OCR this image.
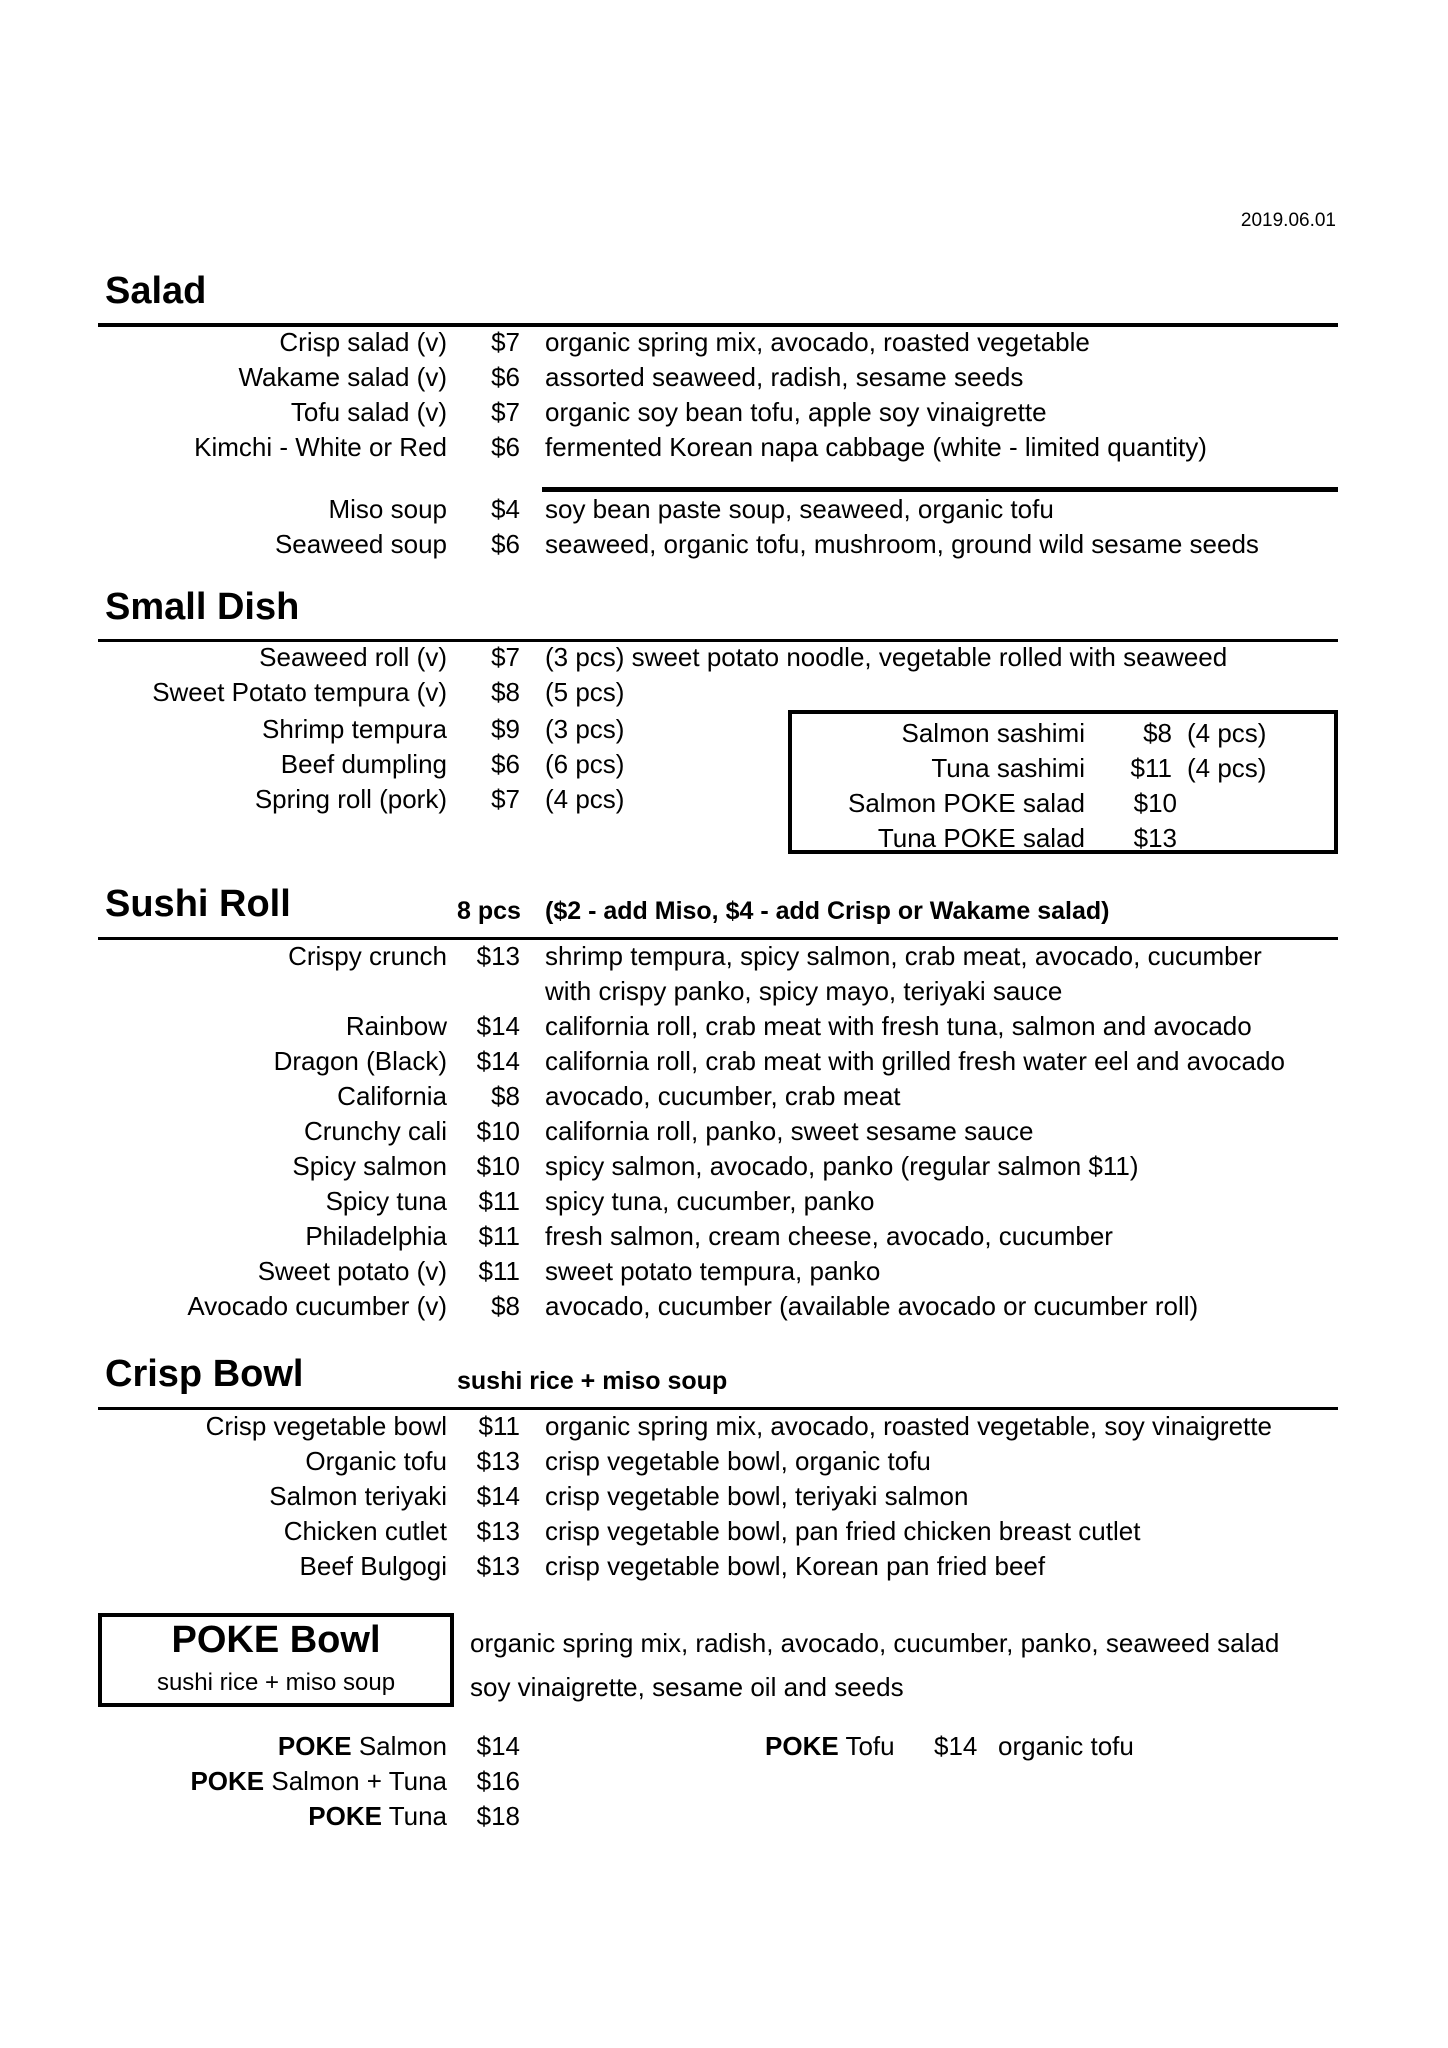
2019.06.01
Salad
Crisp salad (v) $7 organic spring mix, avocado, roasted vegetable
Wakame salad (v) $6 assorted seaweed, radish, sesame seeds
Tofu salad (v) $7 organic soy bean tofu, apple soy vinaigrette
Kimchi - White or Red $6 fermented Korean napa cabbage (white - limited quantity)
Miso soup $4 soy bean paste soup, seaweed, organic tofu
Seaweed soup $6 seaweed, organic tofu, mushroom, ground wild sesame seeds
Small Dish
Seaweed roll (v) $7 (3 pcs) sweet potato noodle, vegetable rolled with seaweed
Sweet Potato tempura (v) $8 (5 pcs)
Shrimp tempura $9 (3 pcs)
Beef dumpling $6 (6 pcs)
Spring roll (pork) $7 (4 pcs)
Salmon sashimi $8 (4 pcs)
Tuna sashimi $11 (4 pcs)
Salmon POKE salad $10
Tuna POKE salad $13
Sushi Roll	8 pcs ($2 - add Miso, $4 - add Crisp or Wakame salad)
Crispy crunch $13 shrimp tempura, spicy salmon, crab meat, avocado, cucumber
with crispy panko, spicy mayo, teriyaki sauce
Rainbow $14 california roll, crab meat with fresh tuna, salmon and avocado
Dragon (Black) $14 california roll, crab meat with grilled fresh water eel and avocado
California $8 avocado, cucumber, crab meat
Crunchy cali $10 california roll, panko, sweet sesame sauce
Spicy salmon $10 spicy salmon, avocado, panko (regular salmon $11)
Spicy tuna $11 spicy tuna, cucumber, panko
Philadelphia $11 fresh salmon, cream cheese, avocado, cucumber
Sweet potato (v) $11 sweet potato tempura, panko
Avocado cucumber (v) $8 avocado, cucumber (available avocado or cucumber roll)
Crisp Bowl	sushi rice + miso soup
Crisp vegetable bowl $11 organic spring mix, avocado, roasted vegetable, soy vinaigrette
Organic tofu $13 crisp vegetable bowl, organic tofu
Salmon teriyaki $14 crisp vegetable bowl, teriyaki salmon
Chicken cutlet $13 crisp vegetable bowl, pan fried chicken breast cutlet
Beef Bulgogi $13 crisp vegetable bowl, Korean pan fried beef
POKE Bowl
sushi rice + miso soup
organic spring mix, radish, avocado, cucumber, panko, seaweed salad
soy vinaigrette, sesame oil and seeds
POKE Salmon $14
POKE Salmon + Tuna $16
POKE Tuna $18
POKE Tofu $14 organic tofu
